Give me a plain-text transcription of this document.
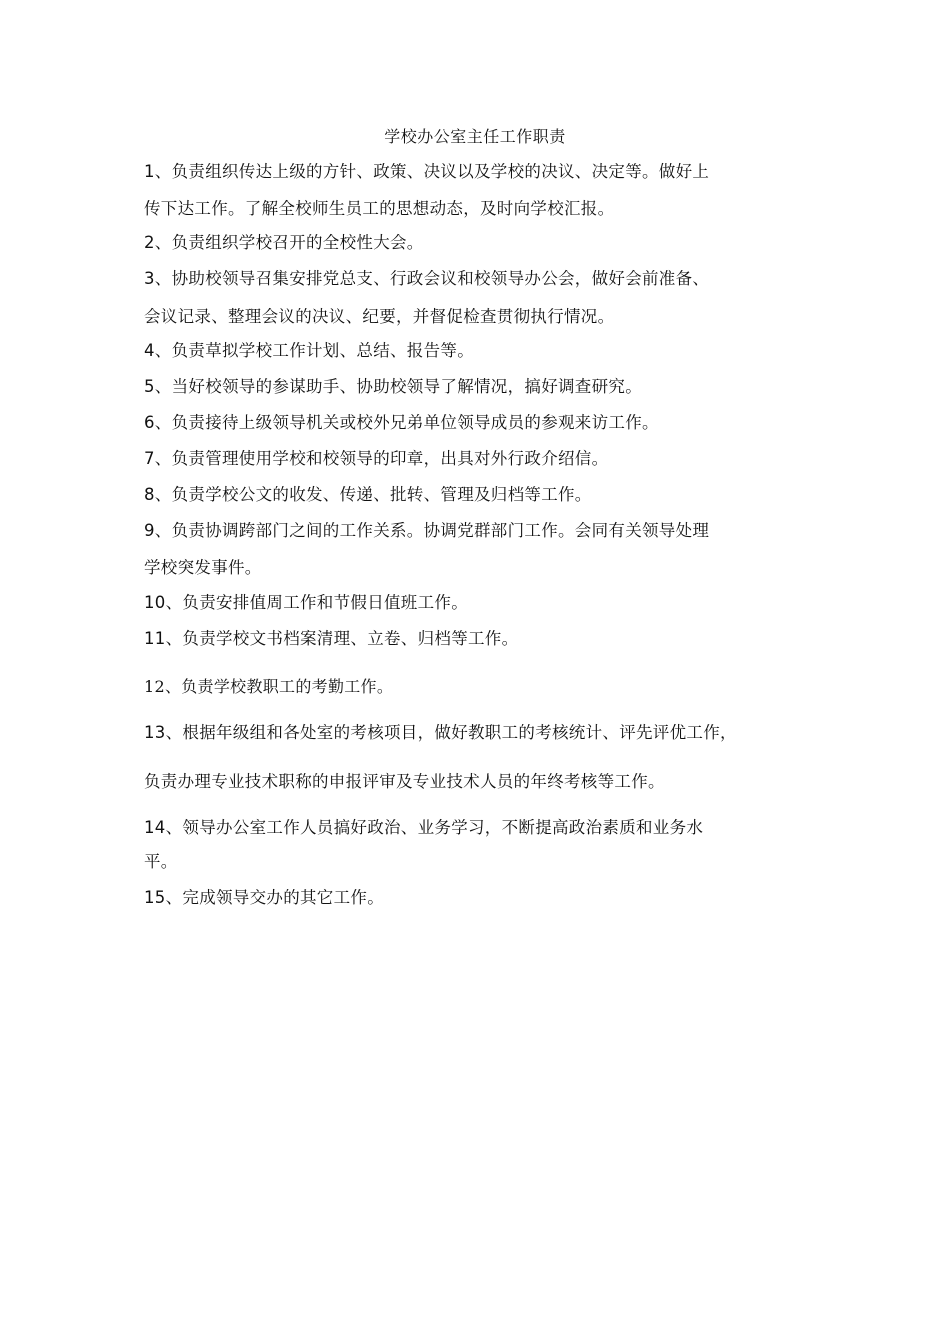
学校办公室主任工作职责
1、负责组织传达上级的方针、政策、决议以及学校的决议、决定等。做好上
传下达工作。了解全校师生员工的思想动态，及时向学校汇报。
2、负责组织学校召开的全校性大会。
3、协助校领导召集安排党总支、行政会议和校领导办公会，做好会前准备、
会议记录、整理会议的决议、纪要，并督促检查贯彻执行情况。
4、负责草拟学校工作计划、总结、报告等。
5、当好校领导的参谋助手、协助校领导了解情况，搞好调查研究。
6、负责接待上级领导机关或校外兄弟单位领导成员的参观来访工作。
7、负责管理使用学校和校领导的印章，出具对外行政介绍信。
8、负责学校公文的收发、传递、批转、管理及归档等工作。
9、负责协调跨部门之间的工作关系。协调党群部门工作。会同有关领导处理
学校突发事件。
10、负责安排值周工作和节假日值班工作。
11、负责学校文书档案清理、立卷、归档等工作。
12、负责学校教职工的考勤工作。
13、根据年级组和各处室的考核项目，做好教职工的考核统计、评先评优工作，
负责办理专业技术职称的申报评审及专业技术人员的年终考核等工作。
14、领导办公室工作人员搞好政治、业务学习，不断提高政治素质和业务水
平。
15、完成领导交办的其它工作。
